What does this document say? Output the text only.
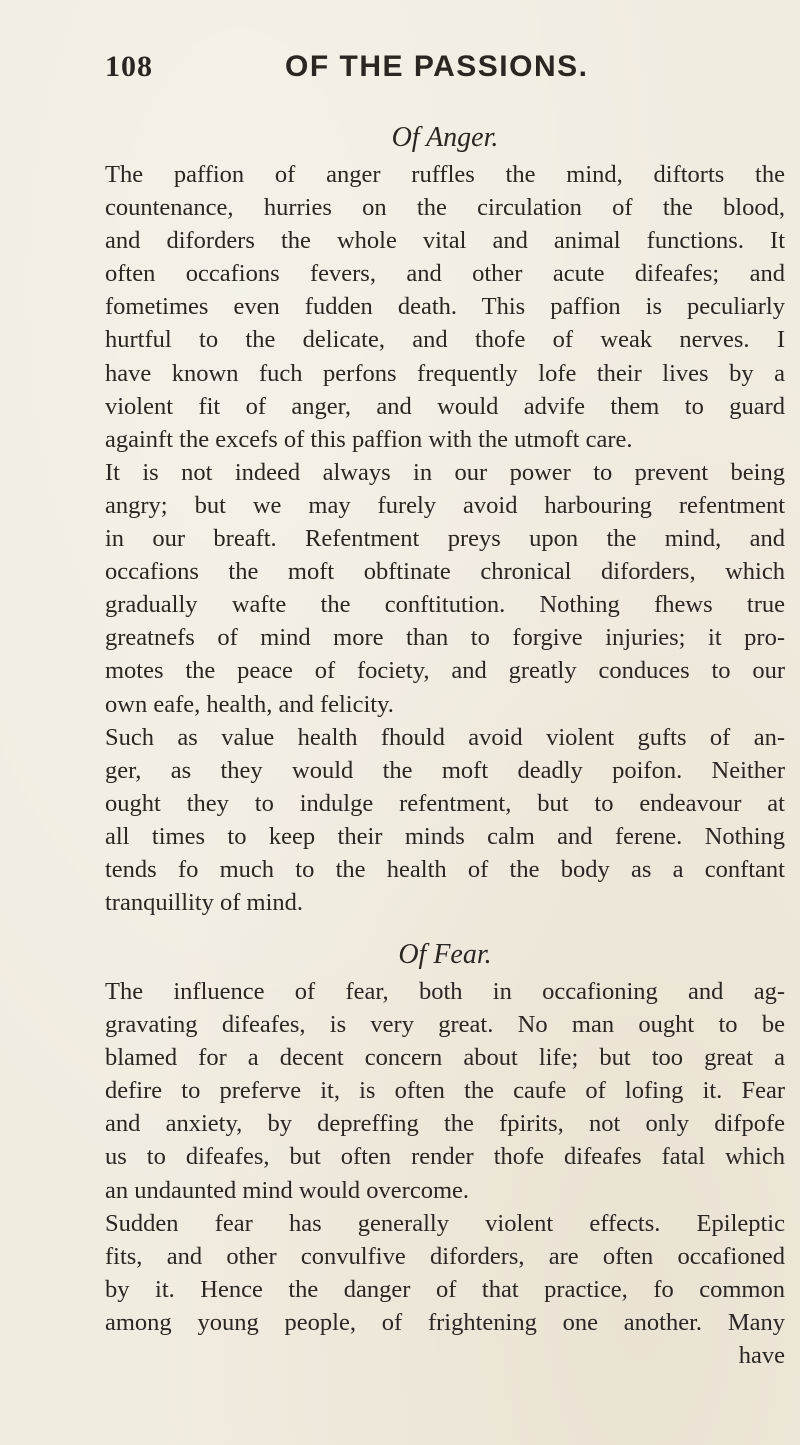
108	OF THE PASSIONS.
Of Anger.
The paffion of anger ruffles the mind, diftorts the
countenance, hurries on the circulation of the blood,
and diforders the whole vital and animal functions. It
often occafions fevers, and other acute difeafes; and
fometimes even fudden death. This paffion is peculiarly
hurtful to the delicate, and thofe of weak nerves. I
have known fuch perfons frequently lofe their lives by a
violent fit of anger, and would advife them to guard
againft the excefs of this paffion with the utmoft care.
It is not indeed always in our power to prevent being
angry; but we may furely avoid harbouring refentment
in our breaft. Refentment preys upon the mind, and
occafions the moft obftinate chronical diforders, which
gradually wafte the conftitution. Nothing fhews true
greatnefs of mind more than to forgive injuries; it pro-
motes the peace of fociety, and greatly conduces to our
own eafe, health, and felicity.
Such as value health fhould avoid violent gufts of an-
ger, as they would the moft deadly poifon. Neither
ought they to indulge refentment, but to endeavour at
all times to keep their minds calm and ferene. Nothing
tends fo much to the health of the body as a conftant
tranquillity of mind.
Of Fear.
The influence of fear, both in occafioning and ag-
gravating difeafes, is very great. No man ought to be
blamed for a decent concern about life; but too great a
defire to preferve it, is often the caufe of lofing it. Fear
and anxiety, by depreffing the fpirits, not only difpofe
us to difeafes, but often render thofe difeafes fatal which
an undaunted mind would overcome.
Sudden fear has generally violent effects. Epileptic
fits, and other convulfive diforders, are often occafioned
by it. Hence the danger of that practice, fo common
among young people, of frightening one another. Many
have
